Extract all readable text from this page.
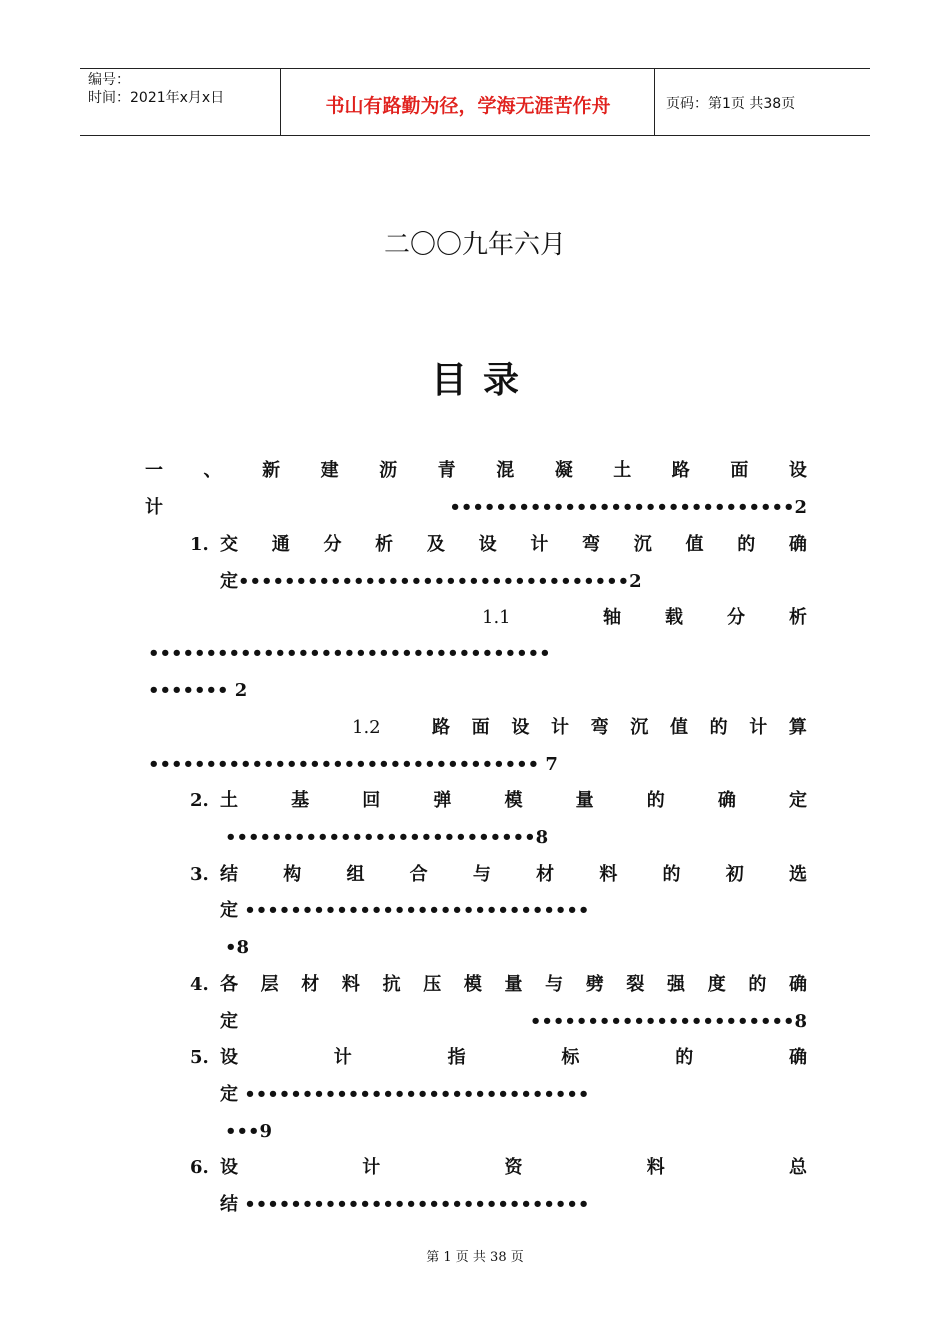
编号：
时间：2021年x月x日	书山有路勤为径，学海无涯苦作舟	页码：第1页 共38页
二〇〇九年六月
目录
一 、 新 建 沥 青 混 凝 土 路 面 设
计	••••••••••••••••••••••••••••••2
1. 交 通 分 析 及 设 计 弯 沉 值 的 确
定••••••••••••••••••••••••••••••••••2
1.1	轴 载 分 析
•••••••••••••••••••••••••••••••••••
••••••• 2
1.2	路 面 设 计 弯 沉 值 的 计 算
•••••••••••••••••••••••••••••••••• 7
2. 土	基	回	弹	模	量	的	确	定
•••••••••••••••••••••••••••8
3. 结	构	组	合	与	材	料	的	初	选
定 ••••••••••••••••••••••••••••••
•8
4. 各 层 材 料 抗 压 模 量 与 劈 裂 强 度 的 确
定	•••••••••••••••••••••••8
5. 设	计	指	标	的	确
定 ••••••••••••••••••••••••••••••
•••9
6. 设	计	资	料	总
结 ••••••••••••••••••••••••••••••
第 1 页 共 38 页
